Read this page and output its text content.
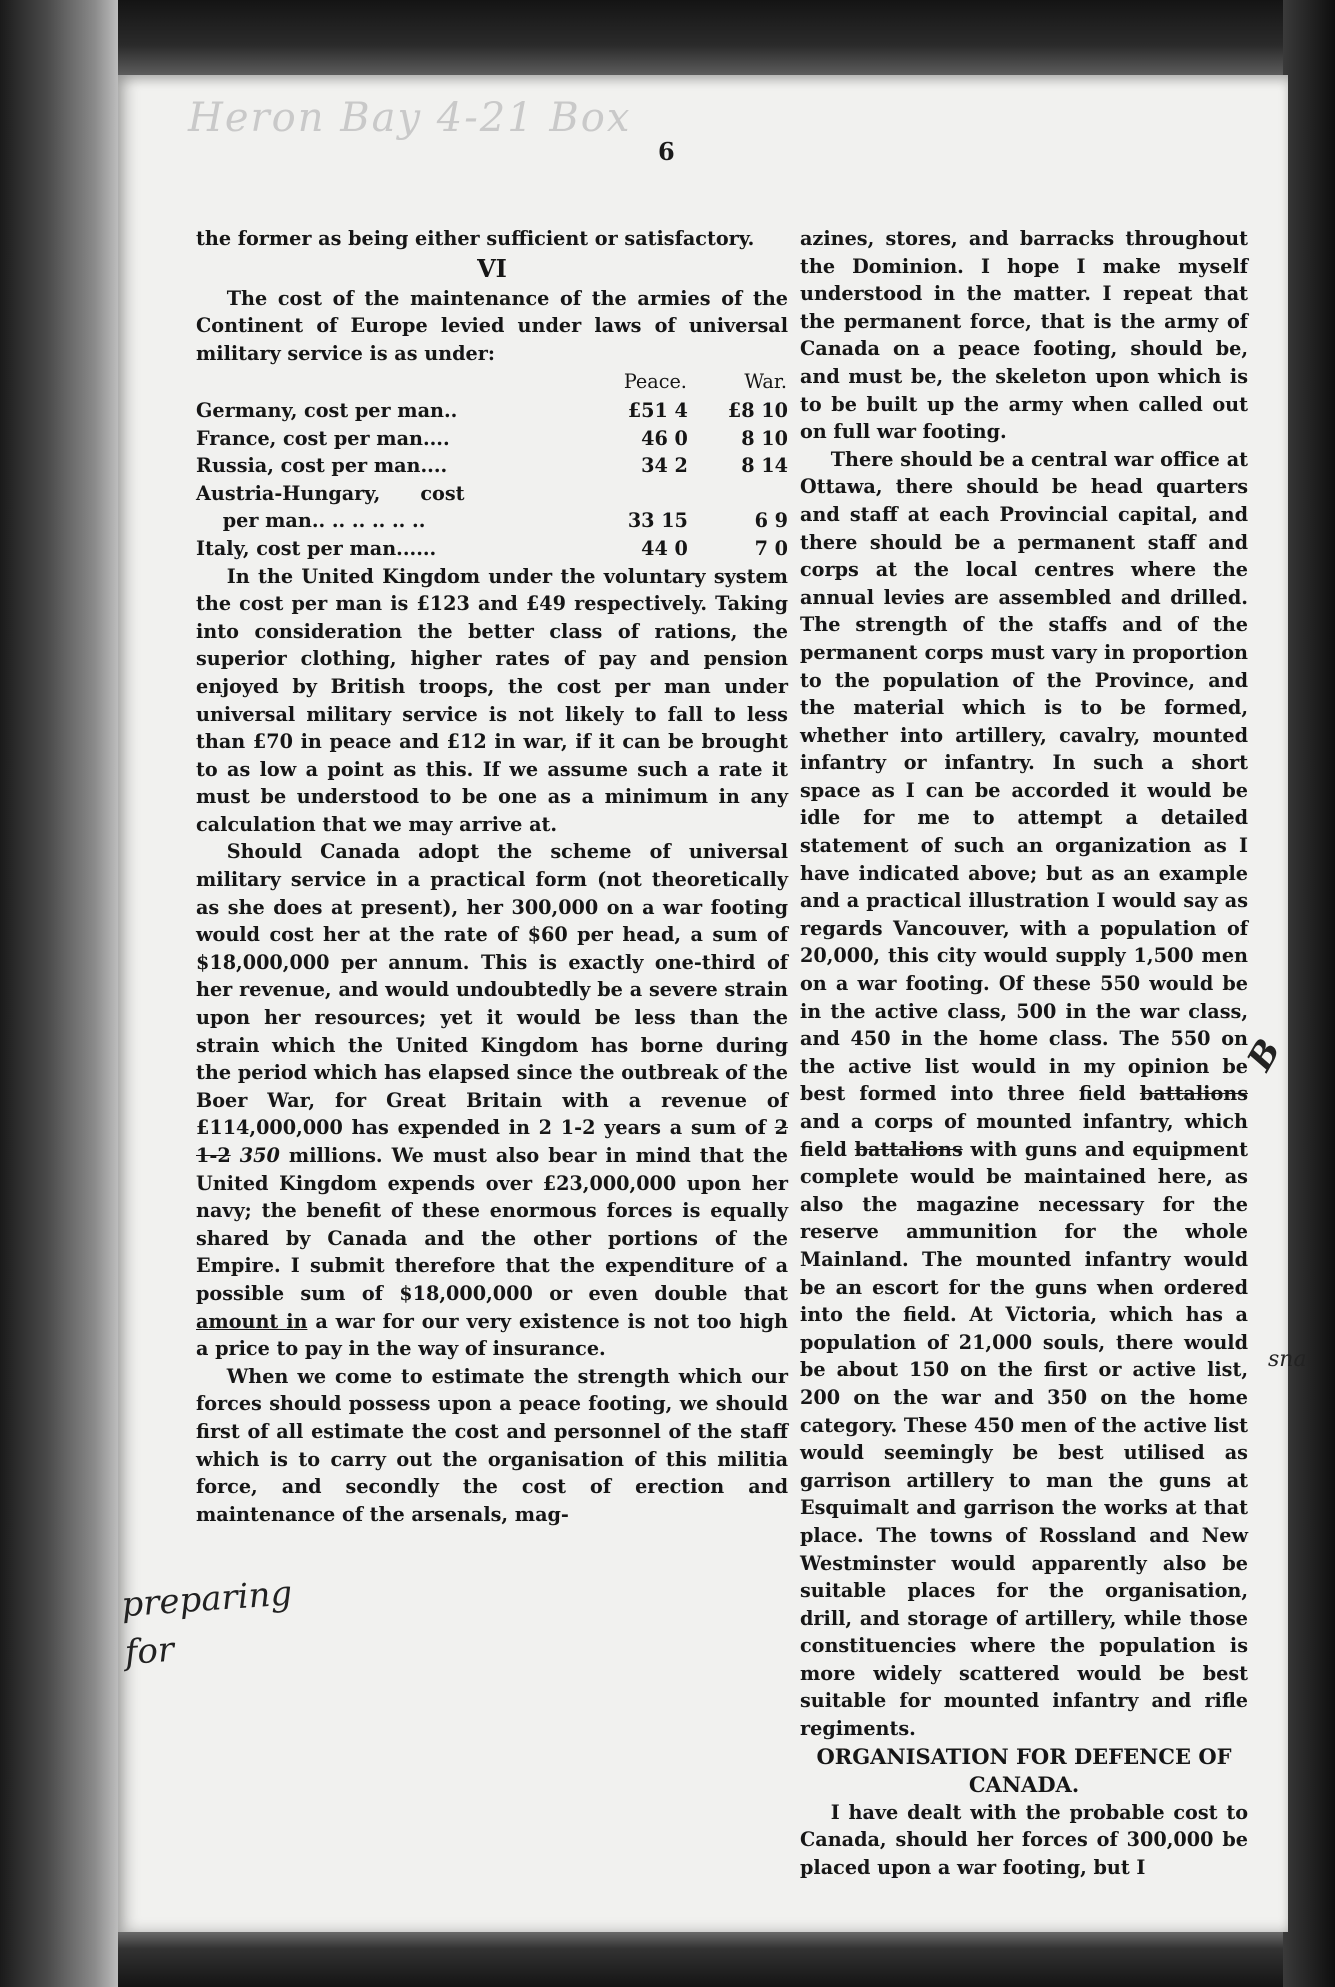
Heron Bay 4-21 Box
preparing for
B
sna
6

the former as being either sufficient or satisfactory.

VI

The cost of the maintenance of the armies of the Continent of Europe levied under laws of universal military service is as under:

	Peace.	War.
Germany, cost per man..	£51 4	£8 10
France, cost per man....	46 0	8 10
Russia, cost per man....	34 2	8 14
Austria-Hungary,      cost		
per man.. .. .. .. .. ..	33 15	6 9
Italy, cost per man......	44 0	7 0

In the United Kingdom under the voluntary system the cost per man is £123 and £49 respectively. Taking into consideration the better class of rations, the superior clothing, higher rates of pay and pension enjoyed by British troops, the cost per man under universal military service is not likely to fall to less than £70 in peace and £12 in war, if it can be brought to as low a point as this. If we assume such a rate it must be understood to be one as a minimum in any calculation that we may arrive at.

Should Canada adopt the scheme of universal military service in a practical form (not theoretically as she does at present), her 300,000 on a war footing would cost her at the rate of $60 per head, a sum of $18,000,000 per annum. This is exactly one-third of her revenue, and would undoubtedly be a severe strain upon her resources; yet it would be less than the strain which the United Kingdom has borne during the period which has elapsed since the outbreak of the Boer War, for Great Britain with a revenue of £114,000,000 has expended in 2 1-2 years a sum of 2 1-2 350 millions. We must also bear in mind that the United Kingdom expends over £23,000,000 upon her navy; the benefit of these enormous forces is equally shared by Canada and the other portions of the Empire. I submit therefore that the expenditure of a possible sum of $18,000,000 or even double that amount in a war for our very existence is not too high a price to pay in the way of insurance.

When we come to estimate the strength which our forces should possess upon a peace footing, we should first of all estimate the cost and personnel of the staff which is to carry out the organisation of this militia force, and secondly the cost of erection and maintenance of the arsenals, mag-

azines, stores, and barracks throughout the Dominion. I hope I make myself understood in the matter. I repeat that the permanent force, that is the army of Canada on a peace footing, should be, and must be, the skeleton upon which is to be built up the army when called out on full war footing.

There should be a central war office at Ottawa, there should be head quarters and staff at each Provincial capital, and there should be a permanent staff and corps at the local centres where the annual levies are assembled and drilled. The strength of the staffs and of the permanent corps must vary in proportion to the population of the Province, and the material which is to be formed, whether into artillery, cavalry, mounted infantry or infantry. In such a short space as I can be accorded it would be idle for me to attempt a detailed statement of such an organization as I have indicated above; but as an example and a practical illustration I would say as regards Vancouver, with a population of 20,000, this city would supply 1,500 men on a war footing. Of these 550 would be in the active class, 500 in the war class, and 450 in the home class. The 550 on the active list would in my opinion be best formed into three field battalions and a corps of mounted infantry, which field battalions with guns and equipment complete would be maintained here, as also the magazine necessary for the reserve ammunition for the whole Mainland. The mounted infantry would be an escort for the guns when ordered into the field. At Victoria, which has a population of 21,000 souls, there would be about 150 on the first or active list, 200 on the war and 350 on the home category. These 450 men of the active list would seemingly be best utilised as garrison artillery to man the guns at Esquimalt and garrison the works at that place. The towns of Rossland and New Westminster would apparently also be suitable places for the organisation, drill, and storage of artillery, while those constituencies where the population is more widely scattered would be best suitable for mounted infantry and rifle regiments.

ORGANISATION FOR DEFENCE OF CANADA.

I have dealt with the probable cost to Canada, should her forces of 300,000 be placed upon a war footing, but I
